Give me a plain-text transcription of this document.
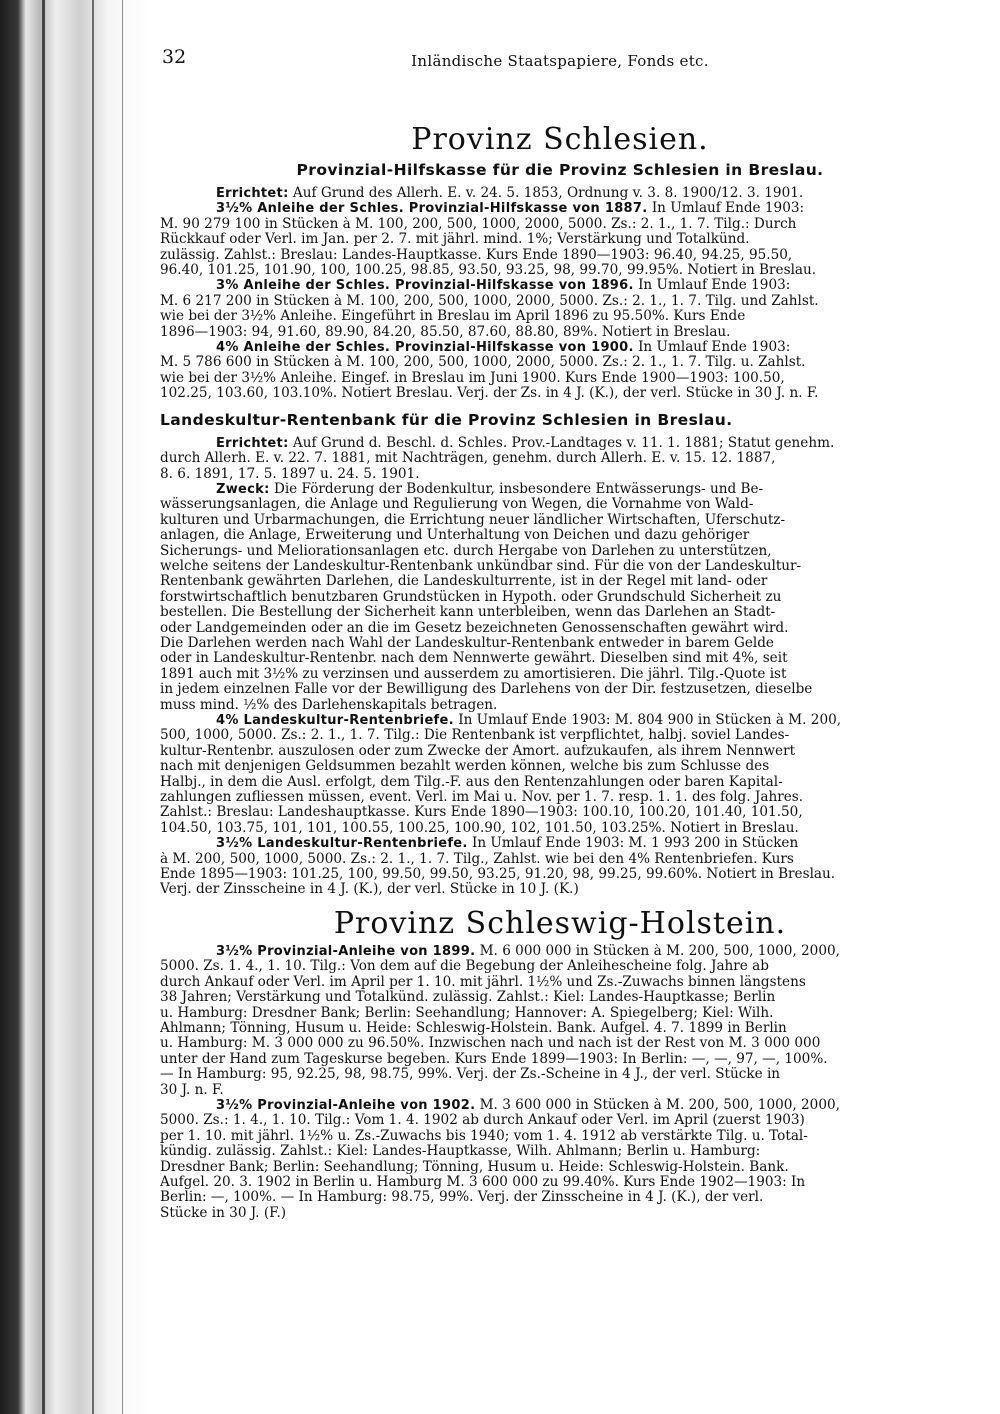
32	Inländische Staatspapiere, Fonds etc.
Provinz Schlesien.
Provinzial-Hilfskasse für die Provinz Schlesien in Breslau.

Errichtet: Auf Grund des Allerh. E. v. 24. 5. 1853, Ordnung v. 3. 8. 1900/12. 3. 1901.

3½% Anleihe der Schles. Provinzial-Hilfskasse von 1887. In Umlauf Ende 1903:

M. 90 279 100 in Stücken à M. 100, 200, 500, 1000, 2000, 5000. Zs.: 2. 1., 1. 7. Tilg.: Durch

Rückkauf oder Verl. im Jan. per 2. 7. mit jährl. mind. 1%; Verstärkung und Totalkünd.

zulässig. Zahlst.: Breslau: Landes-Hauptkasse. Kurs Ende 1890—1903: 96.40, 94.25, 95.50,

96.40, 101.25, 101.90, 100, 100.25, 98.85, 93.50, 93.25, 98, 99.70, 99.95%. Notiert in Breslau.

3% Anleihe der Schles. Provinzial-Hilfskasse von 1896. In Umlauf Ende 1903:

M. 6 217 200 in Stücken à M. 100, 200, 500, 1000, 2000, 5000. Zs.: 2. 1., 1. 7. Tilg. und Zahlst.

wie bei der 3½% Anleihe. Eingeführt in Breslau im April 1896 zu 95.50%. Kurs Ende

1896—1903: 94, 91.60, 89.90, 84.20, 85.50, 87.60, 88.80, 89%. Notiert in Breslau.

4% Anleihe der Schles. Provinzial-Hilfskasse von 1900. In Umlauf Ende 1903:

M. 5 786 600 in Stücken à M. 100, 200, 500, 1000, 2000, 5000. Zs.: 2. 1., 1. 7. Tilg. u. Zahlst.

wie bei der 3½% Anleihe. Eingef. in Breslau im Juni 1900. Kurs Ende 1900—1903: 100.50,

102.25, 103.60, 103.10%. Notiert Breslau. Verj. der Zs. in 4 J. (K.), der verl. Stücke in 30 J. n. F.

Landeskultur-Rentenbank für die Provinz Schlesien in Breslau.

Errichtet: Auf Grund d. Beschl. d. Schles. Prov.-Landtages v. 11. 1. 1881; Statut genehm.

durch Allerh. E. v. 22. 7. 1881, mit Nachträgen, genehm. durch Allerh. E. v. 15. 12. 1887,

8. 6. 1891, 17. 5. 1897 u. 24. 5. 1901.

Zweck: Die Förderung der Bodenkultur, insbesondere Entwässerungs- und Be-

wässerungsanlagen, die Anlage und Regulierung von Wegen, die Vornahme von Wald-

kulturen und Urbarmachungen, die Errichtung neuer ländlicher Wirtschaften, Uferschutz-

anlagen, die Anlage, Erweiterung und Unterhaltung von Deichen und dazu gehöriger

Sicherungs- und Meliorationsanlagen etc. durch Hergabe von Darlehen zu unterstützen,

welche seitens der Landeskultur-Rentenbank unkündbar sind. Für die von der Landeskultur-

Rentenbank gewährten Darlehen, die Landeskulturrente, ist in der Regel mit land- oder

forstwirtschaftlich benutzbaren Grundstücken in Hypoth. oder Grundschuld Sicherheit zu

bestellen. Die Bestellung der Sicherheit kann unterbleiben, wenn das Darlehen an Stadt-

oder Landgemeinden oder an die im Gesetz bezeichneten Genossenschaften gewährt wird.

Die Darlehen werden nach Wahl der Landeskultur-Rentenbank entweder in barem Gelde

oder in Landeskultur-Rentenbr. nach dem Nennwerte gewährt. Dieselben sind mit 4%, seit

1891 auch mit 3½% zu verzinsen und ausserdem zu amortisieren. Die jährl. Tilg.-Quote ist

in jedem einzelnen Falle vor der Bewilligung des Darlehens von der Dir. festzusetzen, dieselbe

muss mind. ½% des Darlehenskapitals betragen.

4% Landeskultur-Rentenbriefe. In Umlauf Ende 1903: M. 804 900 in Stücken à M. 200,

500, 1000, 5000. Zs.: 2. 1., 1. 7. Tilg.: Die Rentenbank ist verpflichtet, halbj. soviel Landes-

kultur-Rentenbr. auszulosen oder zum Zwecke der Amort. aufzukaufen, als ihrem Nennwert

nach mit denjenigen Geldsummen bezahlt werden können, welche bis zum Schlusse des

Halbj., in dem die Ausl. erfolgt, dem Tilg.-F. aus den Rentenzahlungen oder baren Kapital-

zahlungen zufliessen müssen, event. Verl. im Mai u. Nov. per 1. 7. resp. 1. 1. des folg. Jahres.

Zahlst.: Breslau: Landeshauptkasse. Kurs Ende 1890—1903: 100.10, 100.20, 101.40, 101.50,

104.50, 103.75, 101, 101, 100.55, 100.25, 100.90, 102, 101.50, 103.25%. Notiert in Breslau.

3½% Landeskultur-Rentenbriefe. In Umlauf Ende 1903: M. 1 993 200 in Stücken

à M. 200, 500, 1000, 5000. Zs.: 2. 1., 1. 7. Tilg., Zahlst. wie bei den 4% Rentenbriefen. Kurs

Ende 1895—1903: 101.25, 100, 99.50, 99.50, 93.25, 91.20, 98, 99.25, 99.60%. Notiert in Breslau.

Verj. der Zinsscheine in 4 J. (K.), der verl. Stücke in 10 J. (K.)

Provinz Schleswig-Holstein.

3½% Provinzial-Anleihe von 1899. M. 6 000 000 in Stücken à M. 200, 500, 1000, 2000,

5000. Zs. 1. 4., 1. 10. Tilg.: Von dem auf die Begebung der Anleihescheine folg. Jahre ab

durch Ankauf oder Verl. im April per 1. 10. mit jährl. 1½% und Zs.-Zuwachs binnen längstens

38 Jahren; Verstärkung und Totalkünd. zulässig. Zahlst.: Kiel: Landes-Hauptkasse; Berlin

u. Hamburg: Dresdner Bank; Berlin: Seehandlung; Hannover: A. Spiegelberg; Kiel: Wilh.

Ahlmann; Tönning, Husum u. Heide: Schleswig-Holstein. Bank. Aufgel. 4. 7. 1899 in Berlin

u. Hamburg: M. 3 000 000 zu 96.50%. Inzwischen nach und nach ist der Rest von M. 3 000 000

unter der Hand zum Tageskurse begeben. Kurs Ende 1899—1903: In Berlin: —, —, 97, —, 100%.

— In Hamburg: 95, 92.25, 98, 98.75, 99%. Verj. der Zs.-Scheine in 4 J., der verl. Stücke in

30 J. n. F.

3½% Provinzial-Anleihe von 1902. M. 3 600 000 in Stücken à M. 200, 500, 1000, 2000,

5000. Zs.: 1. 4., 1. 10. Tilg.: Vom 1. 4. 1902 ab durch Ankauf oder Verl. im April (zuerst 1903)

per 1. 10. mit jährl. 1½% u. Zs.-Zuwachs bis 1940; vom 1. 4. 1912 ab verstärkte Tilg. u. Total-

kündig. zulässig. Zahlst.: Kiel: Landes-Hauptkasse, Wilh. Ahlmann; Berlin u. Hamburg:

Dresdner Bank; Berlin: Seehandlung; Tönning, Husum u. Heide: Schleswig-Holstein. Bank.

Aufgel. 20. 3. 1902 in Berlin u. Hamburg M. 3 600 000 zu 99.40%. Kurs Ende 1902—1903: In

Berlin: —, 100%. — In Hamburg: 98.75, 99%. Verj. der Zinsscheine in 4 J. (K.), der verl.

Stücke in 30 J. (F.)
